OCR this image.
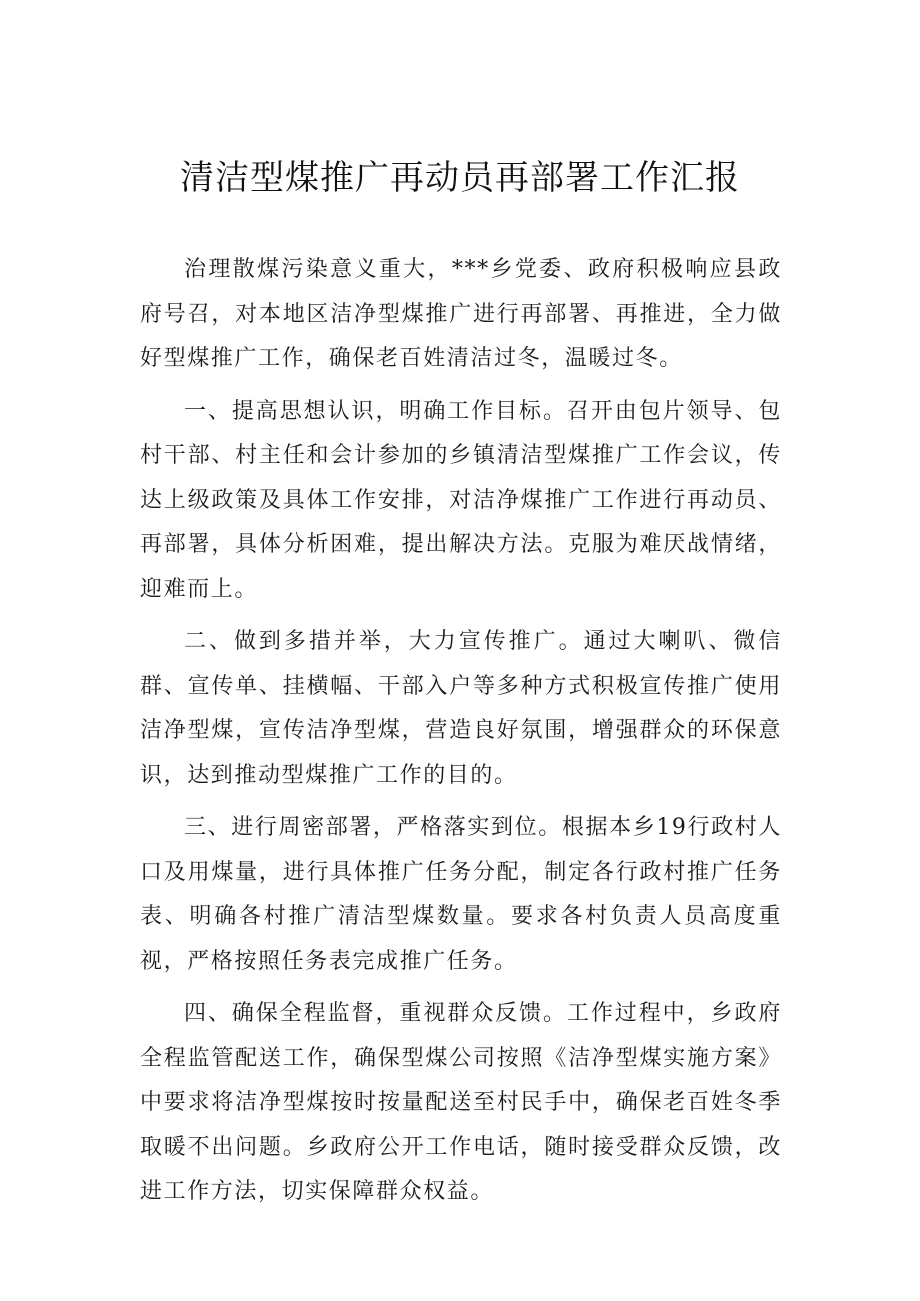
清洁型煤推广再动员再部署工作汇报

治理散煤污染意义重大，***乡党委、政府积极响应县政府号召，对本地区洁净型煤推广进行再部署、再推进，全力做好型煤推广工作，确保老百姓清洁过冬，温暖过冬。

一、提高思想认识，明确工作目标。召开由包片领导、包村干部、村主任和会计参加的乡镇清洁型煤推广工作会议，传达上级政策及具体工作安排，对洁净煤推广工作进行再动员、再部署，具体分析困难，提出解决方法。克服为难厌战情绪，迎难而上。

二、做到多措并举，大力宣传推广。通过大喇叭、微信群、宣传单、挂横幅、干部入户等多种方式积极宣传推广使用洁净型煤，宣传洁净型煤，营造良好氛围，增强群众的环保意识，达到推动型煤推广工作的目的。

三、进行周密部署，严格落实到位。根据本乡19行政村人口及用煤量，进行具体推广任务分配，制定各行政村推广任务表、明确各村推广清洁型煤数量。要求各村负责人员高度重视，严格按照任务表完成推广任务。

四、确保全程监督，重视群众反馈。工作过程中，乡政府全程监管配送工作，确保型煤公司按照《洁净型煤实施方案》中要求将洁净型煤按时按量配送至村民手中，确保老百姓冬季取暖不出问题。乡政府公开工作电话，随时接受群众反馈，改进工作方法，切实保障群众权益。
